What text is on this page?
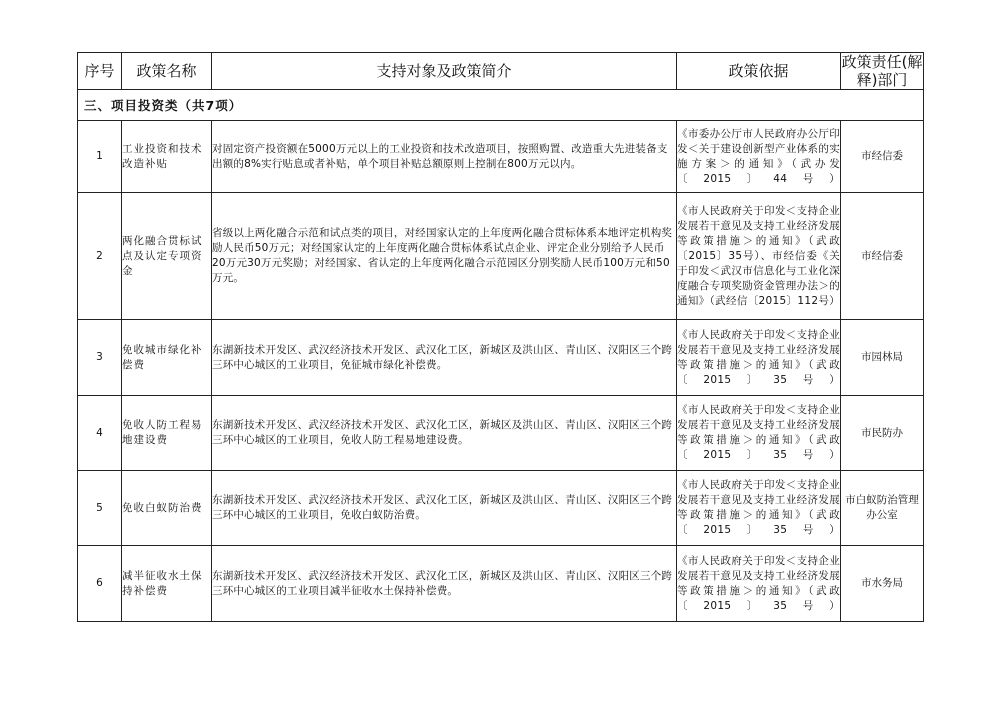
序号	政策名称	支持对象及政策简介	政策依据	政策责任(解释)部门
三、项目投资类（共7项）				
1	工业投资和技术改造补贴	对固定资产投资额在5000万元以上的工业投资和技术改造项目，按照购置、改造重大先进装备支出额的8%实行贴息或者补贴，单个项目补贴总额原则上控制在800万元以内。	《市委办公厅市人民政府办公厅印发＜关于建设创新型产业体系的实施方案＞的通知》（武办发〔2015〕44号）	市经信委
2	两化融合贯标试点及认定专项资金	省级以上两化融合示范和试点类的项目，对经国家认定的上年度两化融合贯标体系本地评定机构奖励人民币50万元；对经国家认定的上年度两化融合贯标体系试点企业、评定企业分别给予人民币20万元30万元奖励；对经国家、省认定的上年度两化融合示范园区分别奖励人民币100万元和50万元。	《市人民政府关于印发＜支持企业发展若干意见及支持工业经济发展等政策措施＞的通知》（武政〔2015〕35号）、市经信委《关于印发＜武汉市信息化与工业化深度融合专项奖励资金管理办法＞的通知》（武经信〔2015〕112号）	市经信委
3	免收城市绿化补偿费	东湖新技术开发区、武汉经济技术开发区、武汉化工区，新城区及洪山区、青山区、汉阳区三个跨三环中心城区的工业项目，免征城市绿化补偿费。	《市人民政府关于印发＜支持企业发展若干意见及支持工业经济发展等政策措施＞的通知》（武政〔2015〕35号）	市园林局
4	免收人防工程易地建设费	东湖新技术开发区、武汉经济技术开发区、武汉化工区，新城区及洪山区、青山区、汉阳区三个跨三环中心城区的工业项目，免收人防工程易地建设费。	《市人民政府关于印发＜支持企业发展若干意见及支持工业经济发展等政策措施＞的通知》（武政〔2015〕35号）	市民防办
5	免收白蚁防治费	东湖新技术开发区、武汉经济技术开发区、武汉化工区，新城区及洪山区、青山区、汉阳区三个跨三环中心城区的工业项目，免收白蚁防治费。	《市人民政府关于印发＜支持企业发展若干意见及支持工业经济发展等政策措施＞的通知》（武政〔2015〕35号）	市白蚁防治管理办公室
6	减半征收水土保持补偿费	东湖新技术开发区、武汉经济技术开发区、武汉化工区，新城区及洪山区、青山区、汉阳区三个跨三环中心城区的工业项目减半征收水土保持补偿费。	《市人民政府关于印发＜支持企业发展若干意见及支持工业经济发展等政策措施＞的通知》（武政〔2015〕35号）	市水务局
